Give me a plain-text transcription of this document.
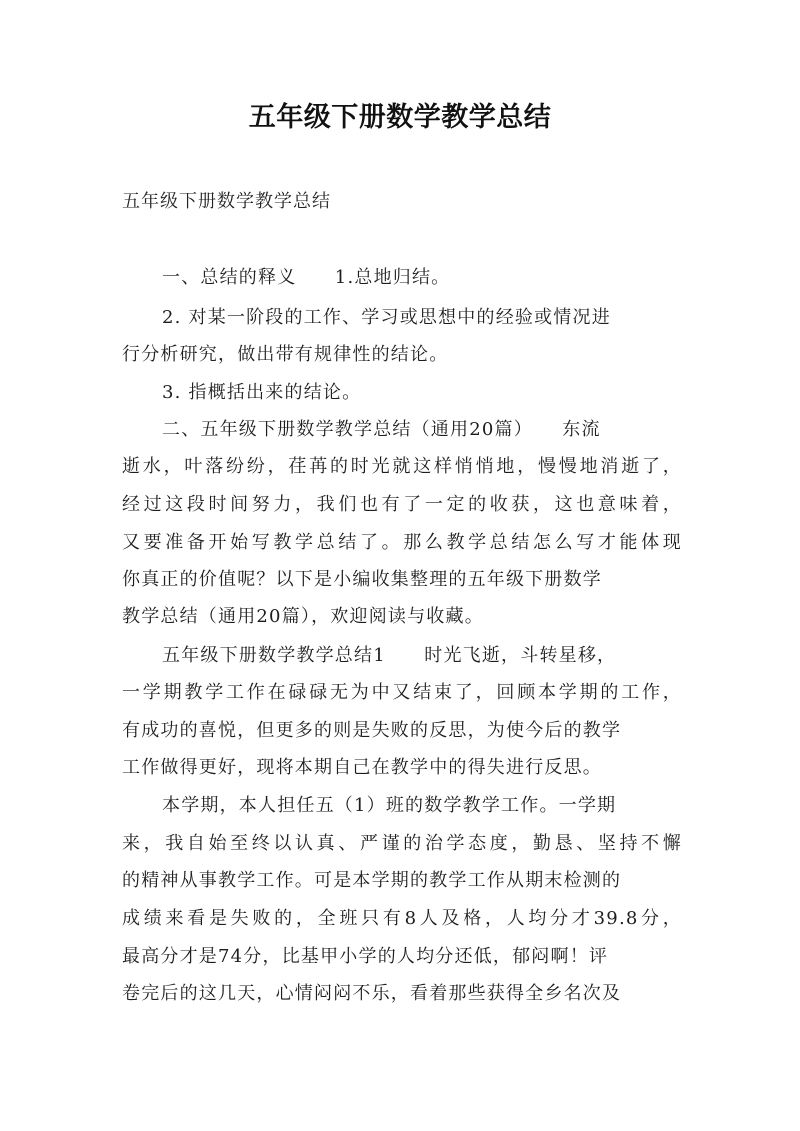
五年级下册数学教学总结

五年级下册数学教学总结

一、总结的释义　　1.总地归结。

2. 对某一阶段的工作、学习或思想中的经验或情况进

行分析研究，做出带有规律性的结论。

3. 指概括出来的结论。

二、五年级下册数学教学总结（通用20篇）　　东流

逝水，叶落纷纷，荏苒的时光就这样悄悄地，慢慢地消逝了，

经过这段时间努力，我们也有了一定的收获，这也意味着，

又要准备开始写教学总结了。那么教学总结怎么写才能体现

你真正的价值呢？以下是小编收集整理的五年级下册数学

教学总结（通用20篇），欢迎阅读与收藏。

五年级下册数学教学总结1　　时光飞逝，斗转星移，

一学期教学工作在碌碌无为中又结束了，回顾本学期的工作，

有成功的喜悦，但更多的则是失败的反思，为使今后的教学

工作做得更好，现将本期自己在教学中的得失进行反思。

本学期，本人担任五（1）班的数学教学工作。一学期

来，我自始至终以认真、严谨的治学态度，勤恳、坚持不懈

的精神从事教学工作。可是本学期的教学工作从期末检测的

成绩来看是失败的，全班只有8人及格，人均分才39.8分，

最高分才是74分，比基甲小学的人均分还低，郁闷啊！评

卷完后的这几天，心情闷闷不乐，看着那些获得全乡名次及
